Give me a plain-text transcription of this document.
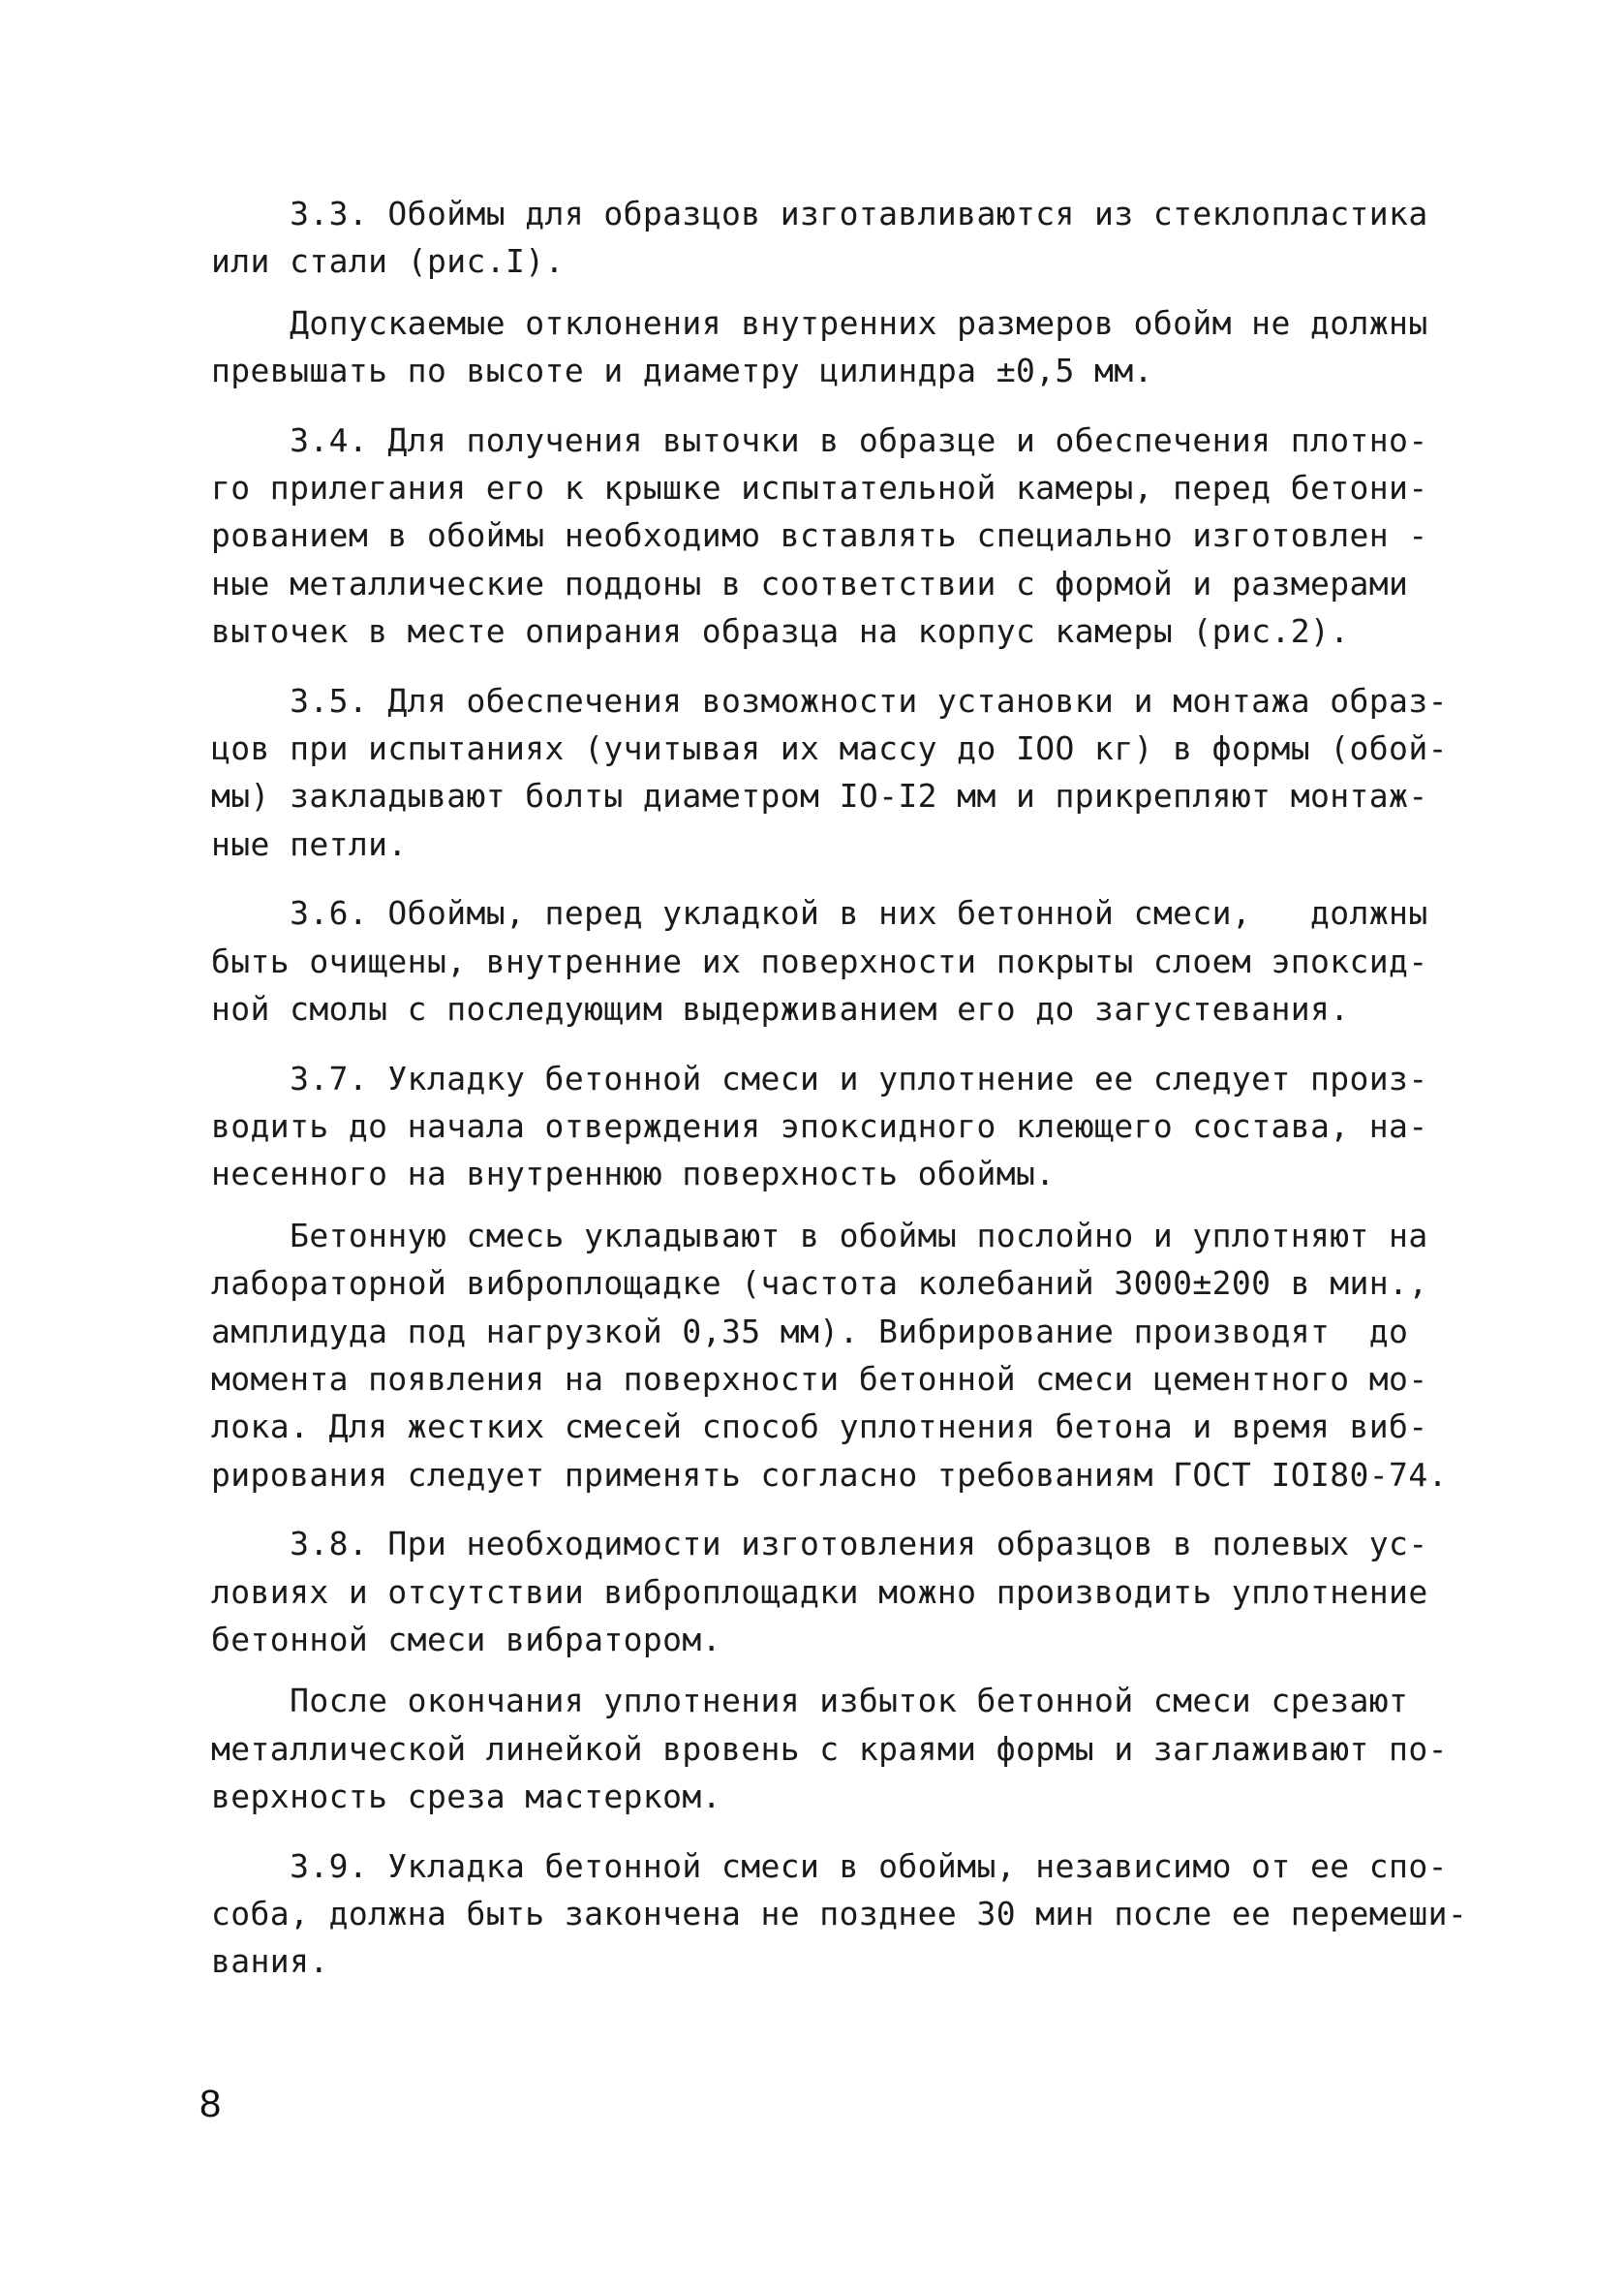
3.3. Обоймы для образцов изготавливаются из стеклопластика
или стали (рис.I).
Допускаемые отклонения внутренних размеров обойм не должны
превышать по высоте и диаметру цилиндра ±0,5 мм.
3.4. Для получения выточки в образце и обеспечения плотно-
го прилегания его к крышке испытательной камеры, перед бетони-
рованием в обоймы необходимо вставлять специально изготовлен -
ные металлические поддоны в соответствии с формой и размерами
выточек в месте опирания образца на корпус камеры (рис.2).
3.5. Для обеспечения возможности установки и монтажа образ-
цов при испытаниях (учитывая их массу до IOO кг) в формы (обой-
мы) закладывают болты диаметром IO-I2 мм и прикрепляют монтаж-
ные петли.
3.6. Обоймы, перед укладкой в них бетонной смеси,   должны
быть очищены, внутренние их поверхности покрыты слоем эпоксид-
ной смолы с последующим выдерживанием его до загустевания.
3.7. Укладку бетонной смеси и уплотнение ее следует произ-
водить до начала отверждения эпоксидного клеющего состава, на-
несенного на внутреннюю поверхность обоймы.
Бетонную смесь укладывают в обоймы послойно и уплотняют на
лабораторной виброплощадке (частота колебаний 3000±200 в мин.,
амплидуда под нагрузкой 0,35 мм). Вибрирование производят  до
момента появления на поверхности бетонной смеси цементного мо-
лока. Для жестких смесей способ уплотнения бетона и время виб-
рирования следует применять согласно требованиям ГОСТ IOI80-74.
3.8. При необходимости изготовления образцов в полевых ус-
ловиях и отсутствии виброплощадки можно производить уплотнение
бетонной смеси вибратором.
После окончания уплотнения избыток бетонной смеси срезают
металлической линейкой вровень с краями формы и заглаживают по-
верхность среза мастерком.
3.9. Укладка бетонной смеси в обоймы, независимо от ее спо-
соба, должна быть закончена не позднее 30 мин после ее перемеши-
вания.
8
